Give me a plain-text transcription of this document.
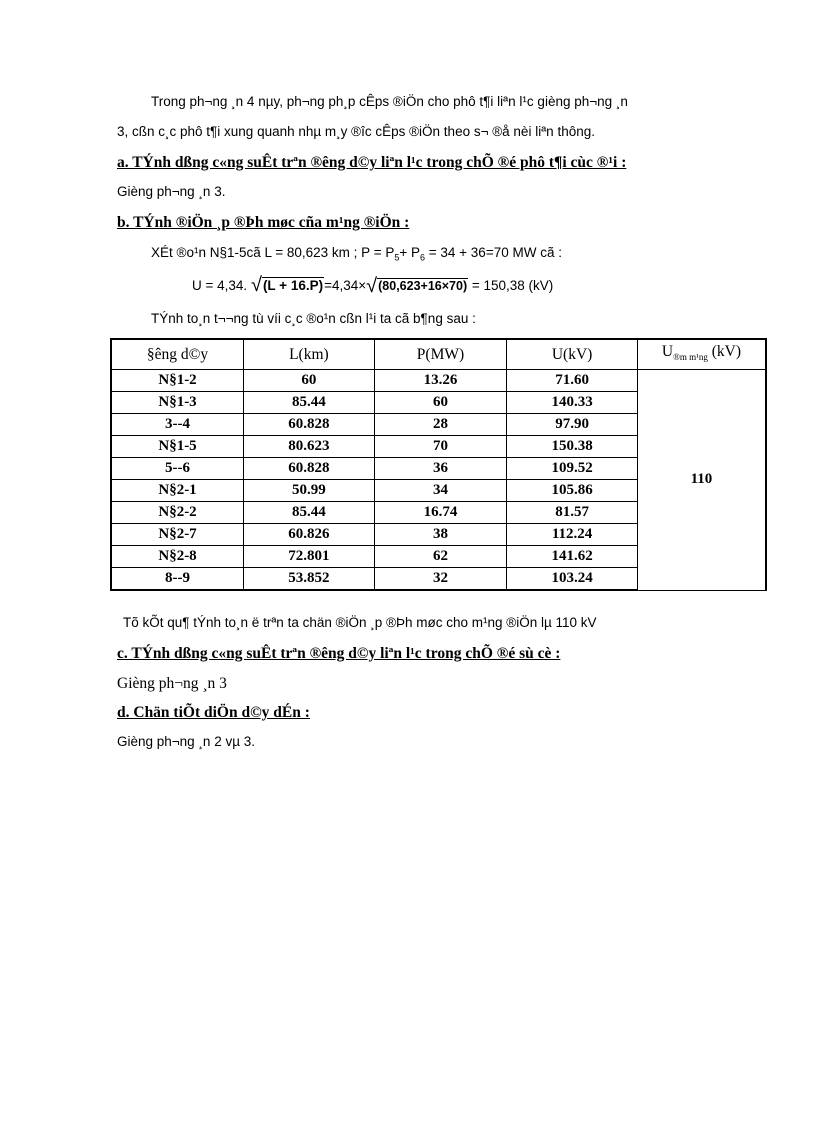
Trong ph¬ng ¸n 4 nµy, ph¬ng ph¸p cÊps ®iÖn cho phô t¶i liªn l¹c gièng ph¬ng ¸n
3, cßn c¸c phô t¶i xung quanh nhµ m¸y ®îc cÊps ®iÖn theo s¬ ®å nèi liªn thông.
a. TÝnh dßng c«ng suÊt trªn ®êng d©y liªn l¹c trong chÕ ®é phô t¶i cùc ®¹i :
Gièng ph¬ng ¸n 3.
b. TÝnh ®iÖn ¸p ®Þh møc cña m¹ng ®iÖn :
XÉt ®o¹n N§1-5cã L = 80,623 km ; $P = P_5+ P_6 = 34 + 36=70$ MW cã :
U = 4,34. √ (L + 16.P)=4,34× √ (80,623+16×70) = 150,38 (kV)
TÝnh to¸n t¬¬ng tù víi c¸c ®o¹n cßn l¹i ta cã b¶ng sau :
§êng d©y	L(km)	P(MW)	U(kV)	$U_{®m m^1ng}$ (kV)
N§1-2	60	13.26	71.60	110
N§1-3	85.44	60	140.33	
3--4	60.828	28	97.90	
N§1-5	80.623	70	150.38	
5--6	60.828	36	109.52	
N§2-1	50.99	34	105.86	
N§2-2	85.44	16.74	81.57	
N§2-7	60.826	38	112.24	
N§2-8	72.801	62	141.62	
8--9	53.852	32	103.24	
Tõ kÕt qu¶ tÝnh to¸n ë trªn ta chän ®iÖn ¸p ®Þh møc cho m¹ng ®iÖn lµ 110 kV
c. TÝnh dßng c«ng suÊt trªn ®êng d©y liªn l¹c trong chÕ ®é sù cè :
Gièng ph¬ng ¸n 3
d. Chän tiÕt diÖn d©y dÉn :
Gièng ph¬ng ¸n 2 vµ 3.
